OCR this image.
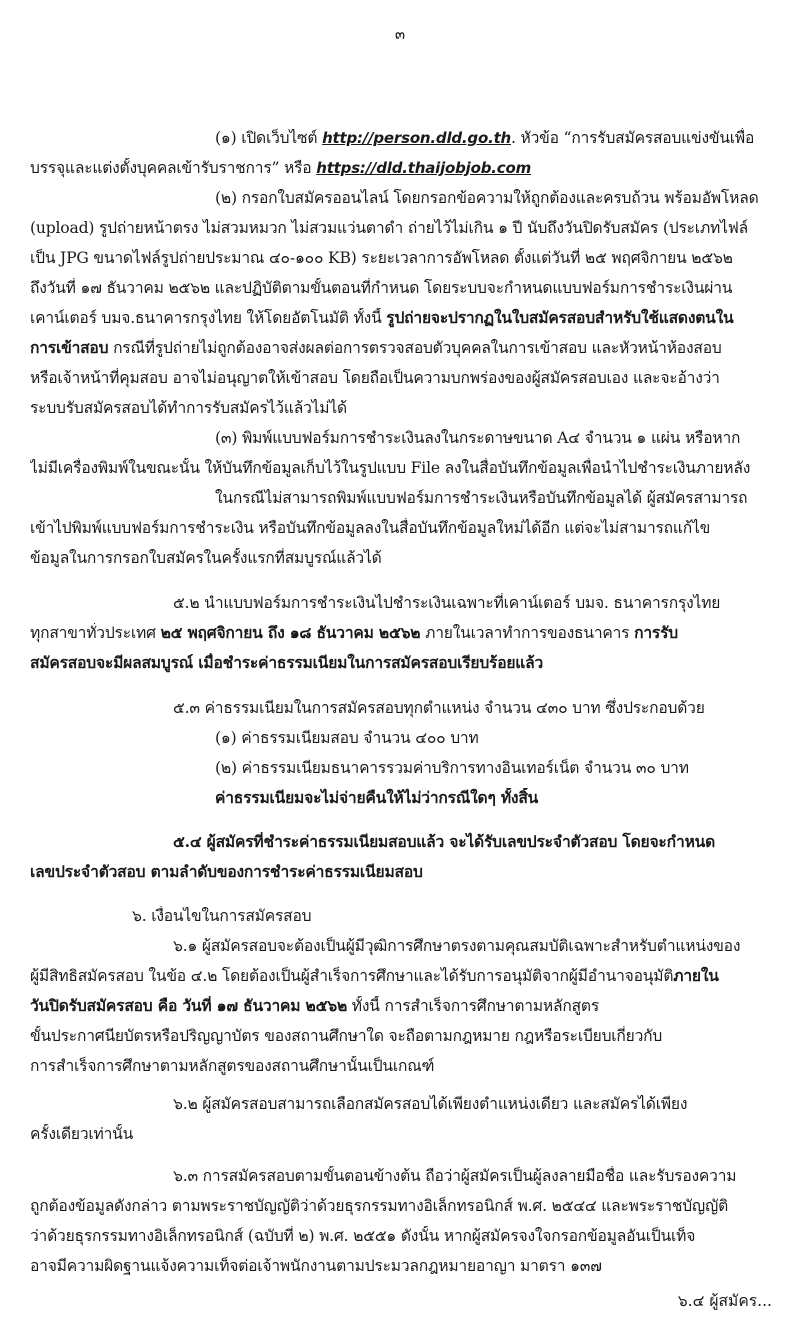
๓
(๑) เปิดเว็บไซต์ http://person.dld.go.th. หัวข้อ “การรับสมัครสอบแข่งขันเพื่อ
บรรจุและแต่งตั้งบุคคลเข้ารับราชการ” หรือ https://dld.thaijobjob.com
(๒) กรอกใบสมัครออนไลน์ โดยกรอกข้อความให้ถูกต้องและครบถ้วน พร้อมอัพโหลด
(upload) รูปถ่ายหน้าตรง ไม่สวมหมวก ไม่สวมแว่นตาดำ ถ่ายไว้ไม่เกิน ๑ ปี นับถึงวันปิดรับสมัคร (ประเภทไฟล์
เป็น JPG ขนาดไฟล์รูปถ่ายประมาณ ๔๐-๑๐๐ KB) ระยะเวลาการอัพโหลด ตั้งแต่วันที่ ๒๕ พฤศจิกายน ๒๕๖๒
ถึงวันที่ ๑๗ ธันวาคม ๒๕๖๒ และปฏิบัติตามขั้นตอนที่กำหนด โดยระบบจะกำหนดแบบฟอร์มการชำระเงินผ่าน
เคาน์เตอร์ บมจ.ธนาคารกรุงไทย ให้โดยอัตโนมัติ ทั้งนี้ รูปถ่ายจะปรากฏในใบสมัครสอบสำหรับใช้แสดงตนใน
การเข้าสอบ กรณีที่รูปถ่ายไม่ถูกต้องอาจส่งผลต่อการตรวจสอบตัวบุคคลในการเข้าสอบ และหัวหน้าห้องสอบ
หรือเจ้าหน้าที่คุมสอบ อาจไม่อนุญาตให้เข้าสอบ โดยถือเป็นความบกพร่องของผู้สมัครสอบเอง และจะอ้างว่า
ระบบรับสมัครสอบได้ทำการรับสมัครไว้แล้วไม่ได้
(๓) พิมพ์แบบฟอร์มการชำระเงินลงในกระดาษขนาด A๔ จำนวน ๑ แผ่น หรือหาก
ไม่มีเครื่องพิมพ์ในขณะนั้น ให้บันทึกข้อมูลเก็บไว้ในรูปแบบ File ลงในสื่อบันทึกข้อมูลเพื่อนำไปชำระเงินภายหลัง
ในกรณีไม่สามารถพิมพ์แบบฟอร์มการชำระเงินหรือบันทึกข้อมูลได้ ผู้สมัครสามารถ
เข้าไปพิมพ์แบบฟอร์มการชำระเงิน หรือบันทึกข้อมูลลงในสื่อบันทึกข้อมูลใหม่ได้อีก แต่จะไม่สามารถแก้ไข
ข้อมูลในการกรอกใบสมัครในครั้งแรกที่สมบูรณ์แล้วได้
๕.๒ นำแบบฟอร์มการชำระเงินไปชำระเงินเฉพาะที่เคาน์เตอร์ บมจ. ธนาคารกรุงไทย
ทุกสาขาทั่วประเทศ ๒๕ พฤศจิกายน ถึง ๑๘ ธันวาคม ๒๕๖๒ ภายในเวลาทำการของธนาคาร การรับ
สมัครสอบจะมีผลสมบูรณ์ เมื่อชำระค่าธรรมเนียมในการสมัครสอบเรียบร้อยแล้ว
๕.๓ ค่าธรรมเนียมในการสมัครสอบทุกตำแหน่ง จำนวน ๔๓๐ บาท ซึ่งประกอบด้วย
(๑) ค่าธรรมเนียมสอบ จำนวน ๔๐๐ บาท
(๒) ค่าธรรมเนียมธนาคารรวมค่าบริการทางอินเทอร์เน็ต จำนวน ๓๐ บาท
ค่าธรรมเนียมจะไม่จ่ายคืนให้ไม่ว่ากรณีใดๆ ทั้งสิ้น
๕.๔ ผู้สมัครที่ชำระค่าธรรมเนียมสอบแล้ว จะได้รับเลขประจำตัวสอบ โดยจะกำหนด
เลขประจำตัวสอบ ตามลำดับของการชำระค่าธรรมเนียมสอบ
๖. เงื่อนไขในการสมัครสอบ
๖.๑ ผู้สมัครสอบจะต้องเป็นผู้มีวุฒิการศึกษาตรงตามคุณสมบัติเฉพาะสำหรับตำแหน่งของ
ผู้มีสิทธิสมัครสอบ ในข้อ ๔.๒ โดยต้องเป็นผู้สำเร็จการศึกษาและได้รับการอนุมัติจากผู้มีอำนาจอนุมัติภายใน
วันปิดรับสมัครสอบ คือ วันที่ ๑๗ ธันวาคม ๒๕๖๒ ทั้งนี้ การสำเร็จการศึกษาตามหลักสูตร
ขั้นประกาศนียบัตรหรือปริญญาบัตร ของสถานศึกษาใด จะถือตามกฎหมาย กฎหรือระเบียบเกี่ยวกับ
การสำเร็จการศึกษาตามหลักสูตรของสถานศึกษานั้นเป็นเกณฑ์
๖.๒ ผู้สมัครสอบสามารถเลือกสมัครสอบได้เพียงตำแหน่งเดียว และสมัครได้เพียง
ครั้งเดียวเท่านั้น
๖.๓ การสมัครสอบตามขั้นตอนข้างต้น ถือว่าผู้สมัครเป็นผู้ลงลายมือชื่อ และรับรองความ
ถูกต้องข้อมูลดังกล่าว ตามพระราชบัญญัติว่าด้วยธุรกรรมทางอิเล็กทรอนิกส์ พ.ศ. ๒๕๔๔ และพระราชบัญญัติ
ว่าด้วยธุรกรรมทางอิเล็กทรอนิกส์ (ฉบับที่ ๒) พ.ศ. ๒๕๕๑ ดังนั้น หากผู้สมัครจงใจกรอกข้อมูลอันเป็นเท็จ
อาจมีความผิดฐานแจ้งความเท็จต่อเจ้าพนักงานตามประมวลกฎหมายอาญา มาตรา ๑๓๗
๖.๔ ผู้สมัคร...
